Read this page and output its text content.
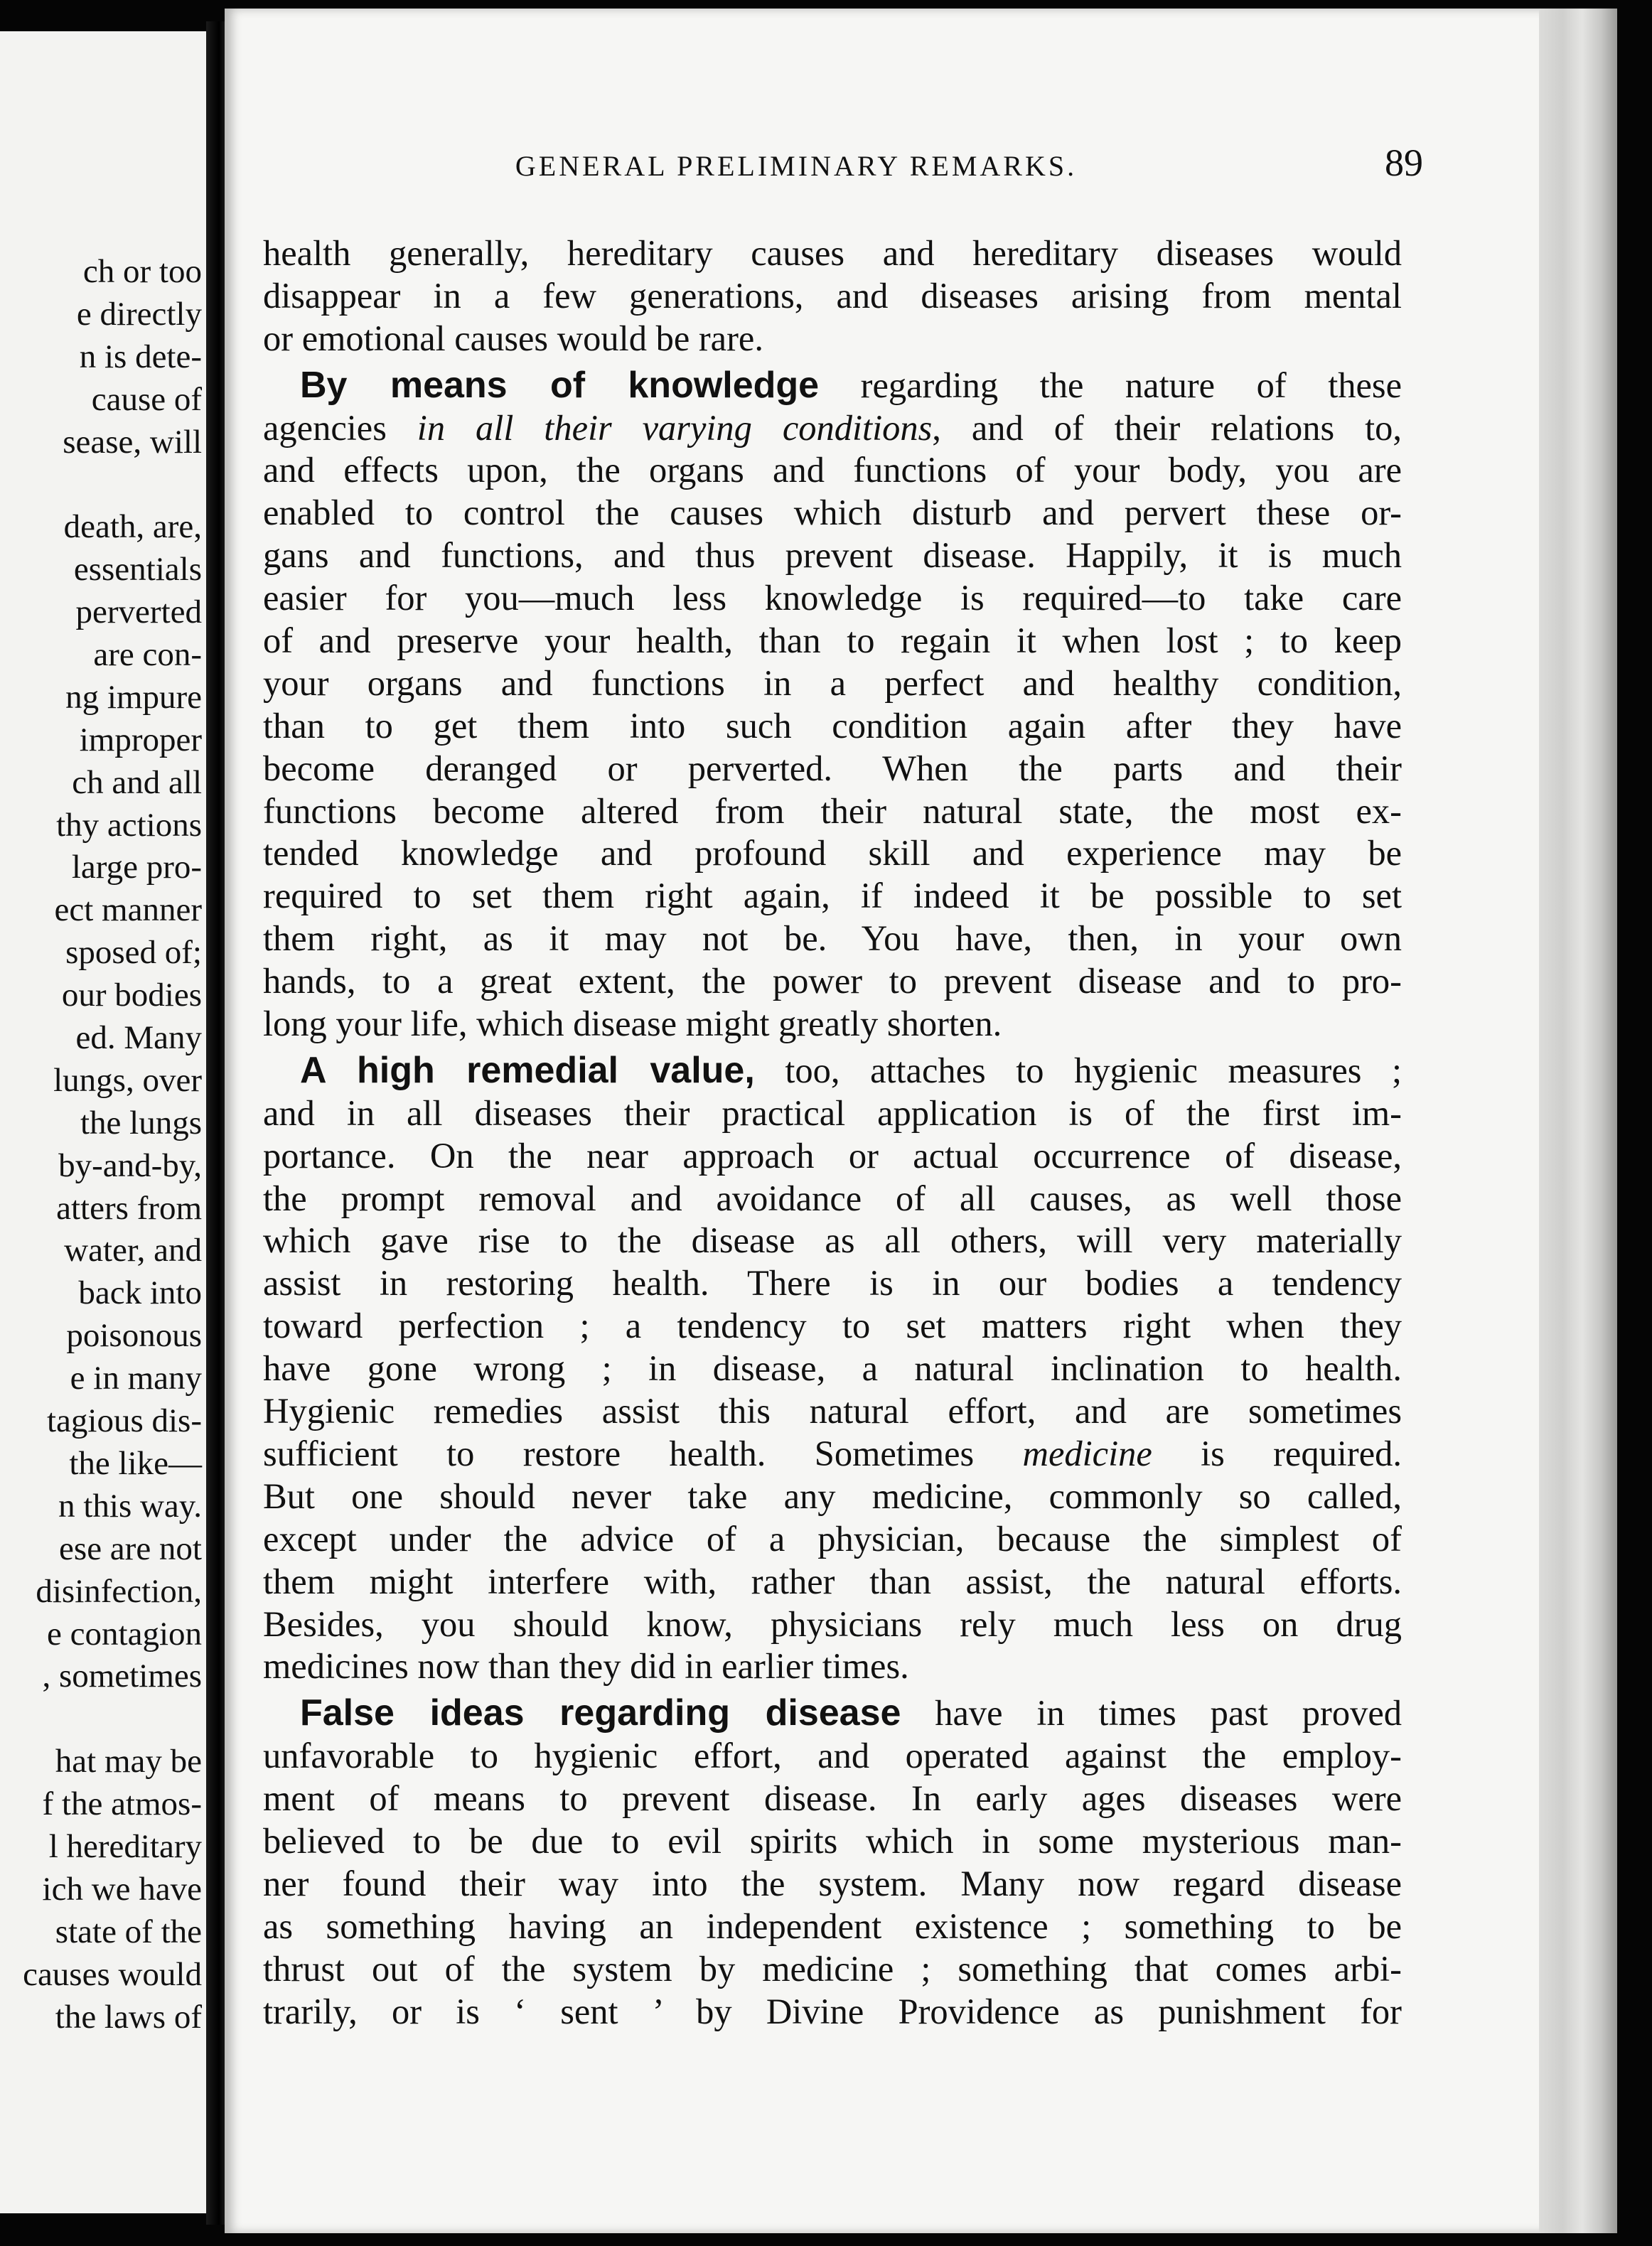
ch or too
e directly
n is dete-
cause of
sease, will
death, are,
essentials
perverted
are con-
ng impure
improper
ch and all
thy actions
large pro-
ect manner
sposed of;
our bodies
ed. Many
lungs, over
the lungs
by-and-by,
atters from
water, and
back into
poisonous
e in many
tagious dis-
the like—
n this way.
ese are not
disinfection,
e contagion
, sometimes
hat may be
f the atmos-
l hereditary
ich we have
state of the
causes would
the laws of
GENERAL PRELIMINARY REMARKS.	89
health generally, hereditary causes and hereditary diseases would
disappear in a few generations, and diseases arising from mental
or emotional causes would be rare.
By means of knowledge regarding the nature of these
agencies in all their varying conditions, and of their relations to,
and effects upon, the organs and functions of your body, you are
enabled to control the causes which disturb and pervert these or-
gans and functions, and thus prevent disease. Happily, it is much
easier for you—much less knowledge is required—to take care
of and preserve your health, than to regain it when lost ; to keep
your organs and functions in a perfect and healthy condition,
than to get them into such condition again after they have
become deranged or perverted. When the parts and their
functions become altered from their natural state, the most ex-
tended knowledge and profound skill and experience may be
required to set them right again, if indeed it be possible to set
them right, as it may not be. You have, then, in your own
hands, to a great extent, the power to prevent disease and to pro-
long your life, which disease might greatly shorten.
A high remedial value, too, attaches to hygienic measures ;
and in all diseases their practical application is of the first im-
portance. On the near approach or actual occurrence of disease,
the prompt removal and avoidance of all causes, as well those
which gave rise to the disease as all others, will very materially
assist in restoring health. There is in our bodies a tendency
toward perfection ; a tendency to set matters right when they
have gone wrong ; in disease, a natural inclination to health.
Hygienic remedies assist this natural effort, and are sometimes
sufficient to restore health. Sometimes medicine is required.
But one should never take any medicine, commonly so called,
except under the advice of a physician, because the simplest of
them might interfere with, rather than assist, the natural efforts.
Besides, you should know, physicians rely much less on drug
medicines now than they did in earlier times.
False ideas regarding disease have in times past proved
unfavorable to hygienic effort, and operated against the employ-
ment of means to prevent disease. In early ages diseases were
believed to be due to evil spirits which in some mysterious man-
ner found their way into the system. Many now regard disease
as something having an independent existence ; something to be
thrust out of the system by medicine ; something that comes arbi-
trarily, or is ‘ sent ’ by Divine Providence as punishment for
